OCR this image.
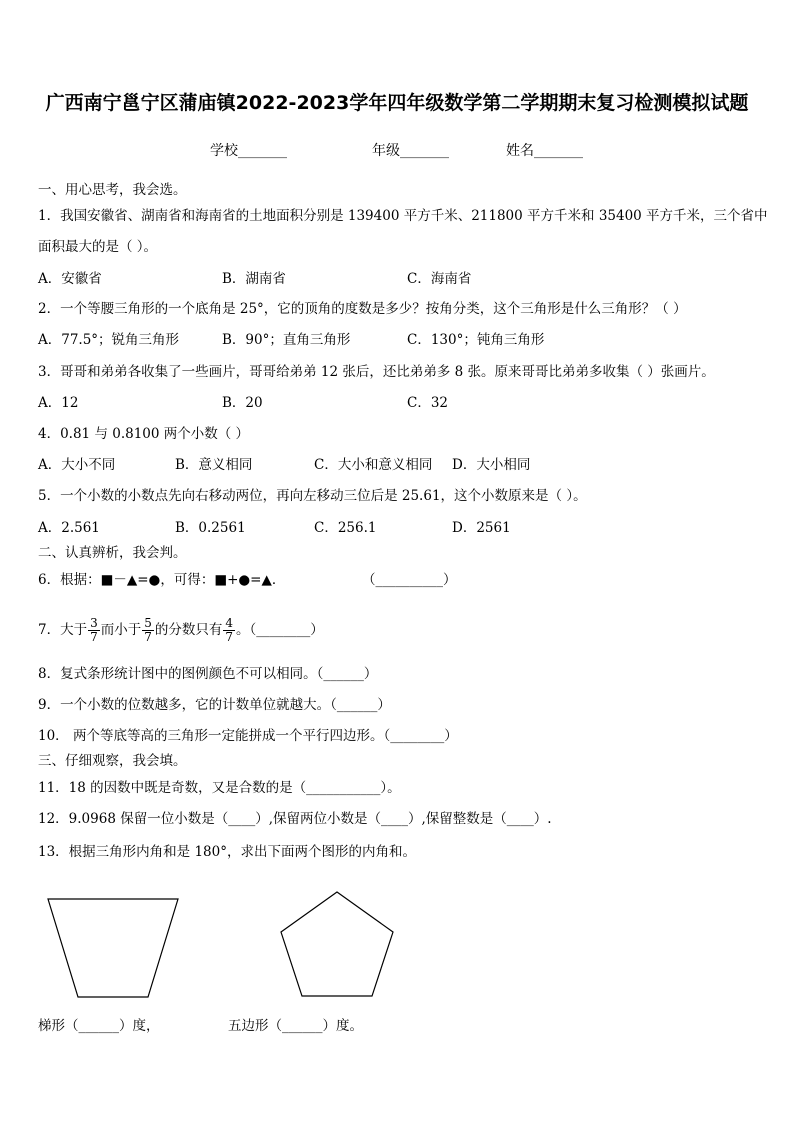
广西南宁邕宁区蒲庙镇2022-2023学年四年级数学第二学期期末复习检测模拟试题
学校_______	年级_______	姓名_______
一、用心思考，我会选。
1．我国安徽省、湖南省和海南省的土地面积分别是 139400 平方千米、211800 平方千米和 35400 平方千米，三个省中
面积最大的是（ ）。
A．安徽省	B．湖南省	C．海南省
2．一个等腰三角形的一个底角是 25°，它的顶角的度数是多少？按角分类，这个三角形是什么三角形？（ ）
A．77.5°；锐角三角形	B．90°；直角三角形	C．130°；钝角三角形
3．哥哥和弟弟各收集了一些画片，哥哥给弟弟 12 张后，还比弟弟多 8 张。原来哥哥比弟弟多收集（ ）张画片。
A．12	B．20	C．32
4．0.81 与 0.8100 两个小数（ ）
A．大小不同	B．意义相同	C．大小和意义相同 D．大小相同
5．一个小数的小数点先向右移动两位，再向左移动三位后是 25.61，这个小数原来是（ ）。
A．2.561	B．0.2561	C．256.1	D．2561
二、认真辨析，我会判。
6．根据：■－▲=●，可得：■+●=▲．	（__________）
7．大于 $\frac{3}{7}$ 而小于 $\frac{5}{7}$ 的分数只有 $\frac{4}{7}$ 。（________）
8．复式条形统计图中的图例颜色不可以相同。（______）
9．一个小数的位数越多，它的计数单位就越大。（______）
10． 两个等底等高的三角形一定能拼成一个平行四边形。（________）
三、仔细观察，我会填。
11．18 的因数中既是奇数，又是合数的是（___________）。
12．9.0968 保留一位小数是（____）,保留两位小数是（____）,保留整数是（____）.
13．根据三角形内角和是 180°，求出下面两个图形的内角和。
梯形（______）度，	五边形（______）度。
